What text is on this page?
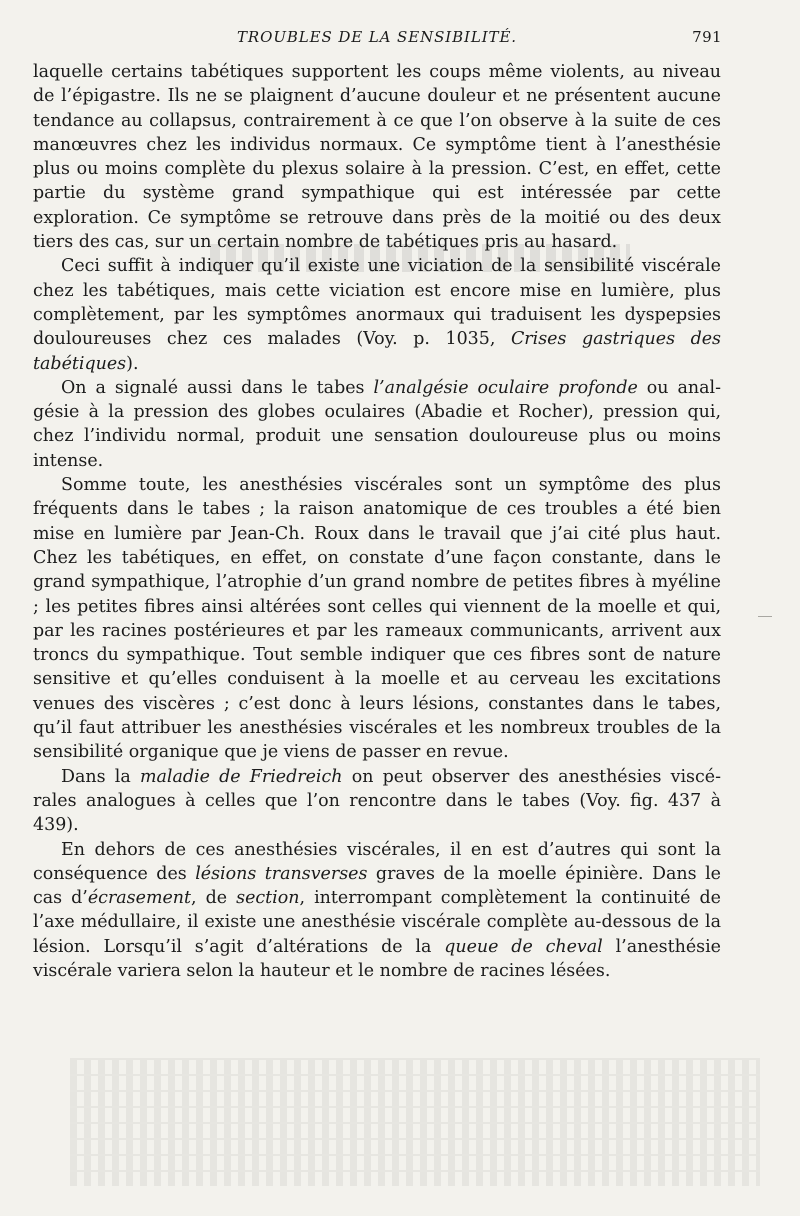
TROUBLES DE LA SENSIBILITÉ.	791

laquelle certains tabétiques supportent les coups même violents, au niveau de l’épigastre. Ils ne se plaignent d’aucune douleur et ne présentent aucune tendance au collapsus, contrairement à ce que l’on observe à la suite de ces manœuvres chez les individus normaux. Ce symptôme tient à l’anesthésie plus ou moins complète du plexus solaire à la pression. C’est, en effet, cette partie du système grand sympathique qui est intéressée par cette exploration. Ce symptôme se retrouve dans près de la moitié ou des deux tiers des cas, sur un certain nombre de tabétiques pris au hasard.

Ceci suffit à indiquer qu’il existe une viciation de la sensibilité viscérale chez les tabétiques, mais cette viciation est encore mise en lumière, plus complètement, par les symptômes anormaux qui traduisent les dyspepsies douloureuses chez ces malades (Voy. p. 1035, Crises gastriques des tabétiques).

On a signalé aussi dans le tabes l’analgésie oculaire profonde ou analgésie à la pression des globes oculaires (Abadie et Rocher), pression qui, chez l’individu normal, produit une sensation douloureuse plus ou moins intense.

Somme toute, les anesthésies viscérales sont un symptôme des plus fréquents dans le tabes ; la raison anatomique de ces troubles a été bien mise en lumière par Jean-Ch. Roux dans le travail que j’ai cité plus haut. Chez les tabétiques, en effet, on constate d’une façon constante, dans le grand sympathique, l’atrophie d’un grand nombre de petites fibres à myéline ; les petites fibres ainsi altérées sont celles qui viennent de la moelle et qui, par les racines postérieures et par les rameaux communicants, arrivent aux troncs du sympathique. Tout semble indiquer que ces fibres sont de nature sensitive et qu’elles conduisent à la moelle et au cerveau les excitations venues des viscères ; c’est donc à leurs lésions, constantes dans le tabes, qu’il faut attribuer les anesthésies viscérales et les nombreux troubles de la sensibilité organique que je viens de passer en revue.

Dans la maladie de Friedreich on peut observer des anesthésies viscérales analogues à celles que l’on rencontre dans le tabes (Voy. fig. 437 à 439).

En dehors de ces anesthésies viscérales, il en est d’autres qui sont la conséquence des lésions transverses graves de la moelle épinière. Dans le cas d’écrasement, de section, interrompant complètement la continuité de l’axe médullaire, il existe une anesthésie viscérale complète au-dessous de la lésion. Lorsqu’il s’agit d’altérations de la queue de cheval l’anesthésie viscérale variera selon la hauteur et le nombre de racines lésées.
